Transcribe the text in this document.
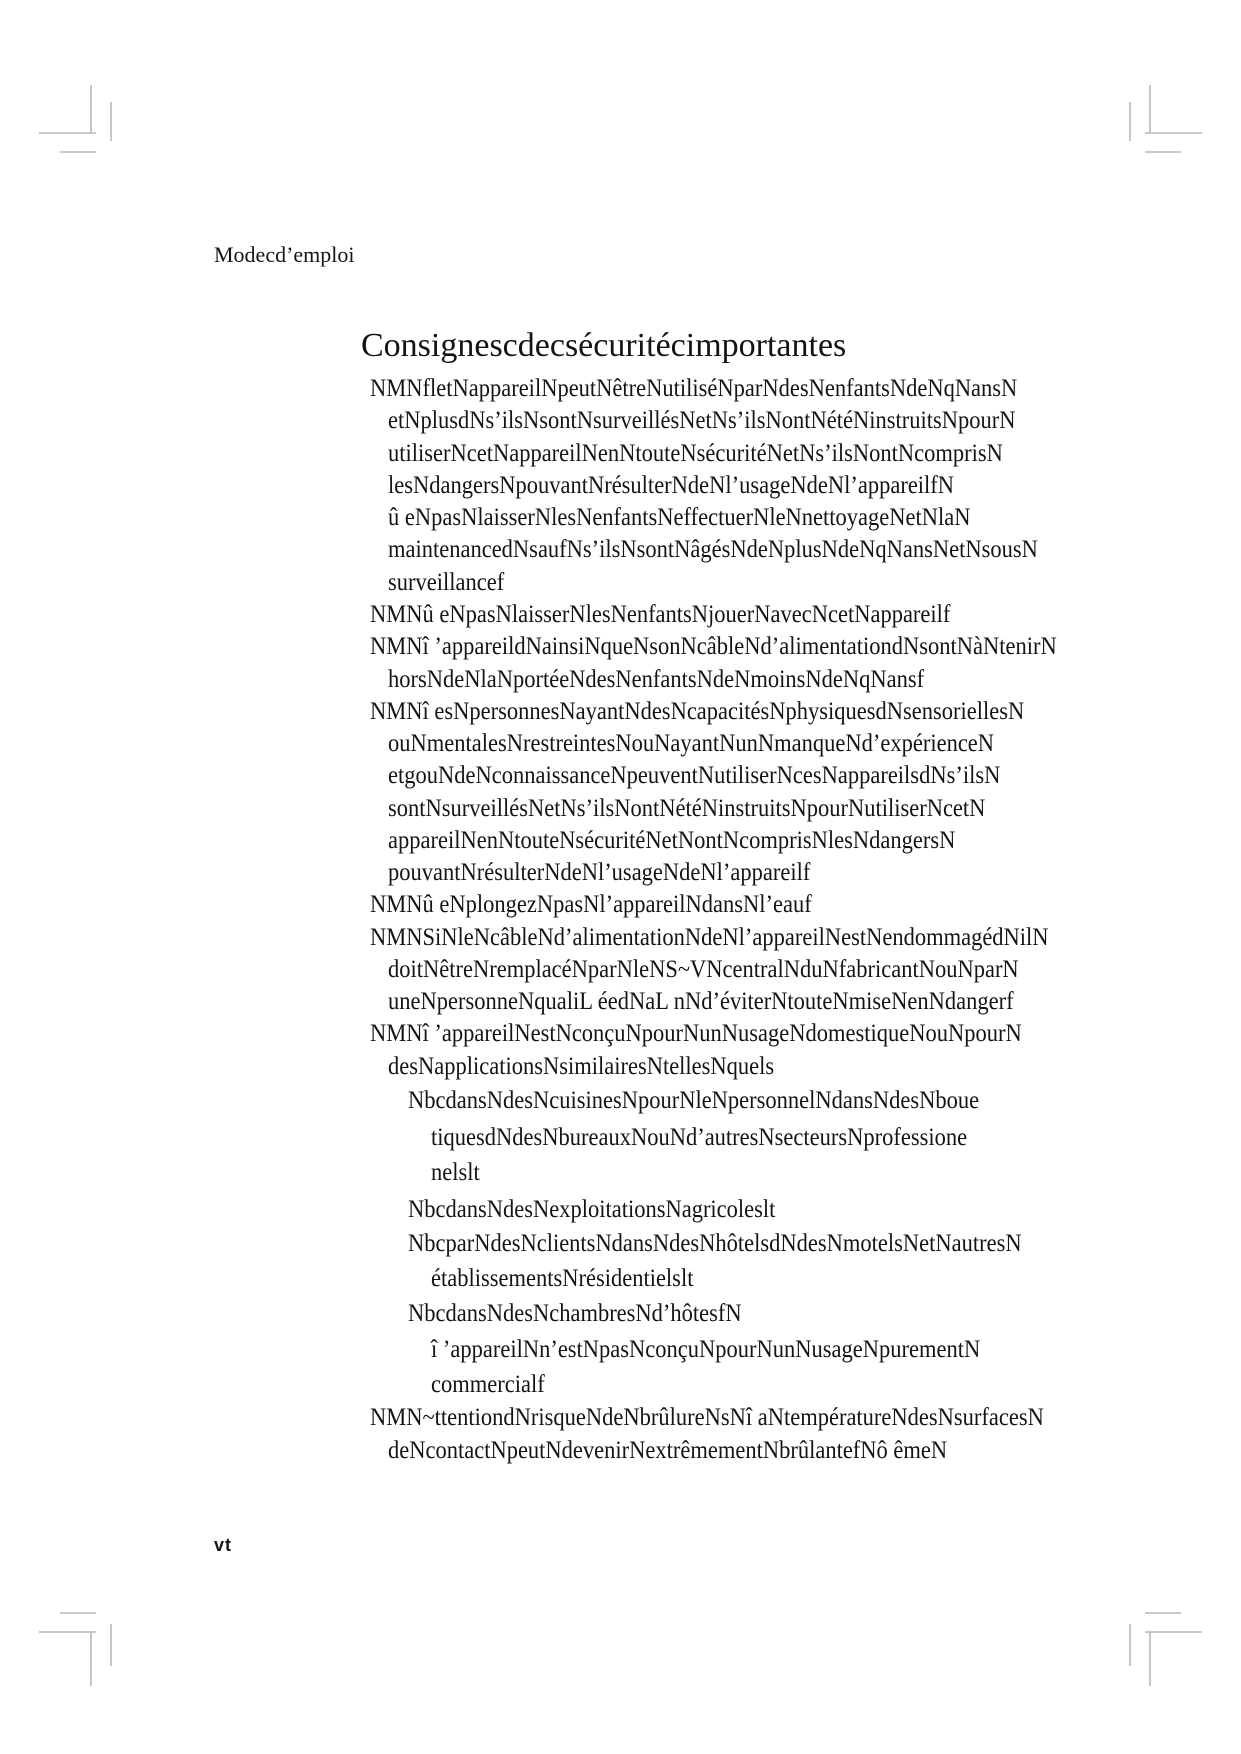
Modecd’emploi
Consignescdecsécuritécimportantes
NMNfletNappareilNpeutNêtreNutiliséNparNdesNenfantsNdeNqNansN
etNplusdNs’ilsNsontNsurveillésNetNs’ilsNontNétéNinstruitsNpourN
utiliserNcetNappareilNenNtouteNsécuritéNetNs’ilsNontNcomprisN
lesNdangersNpouvantNrésulterNdeNl’usageNdeNl’appareilfN
û eNpasNlaisserNlesNenfantsNeffectuerNleNnettoyageNetNlaN
maintenancedNsaufNs’ilsNsontNâgésNdeNplusNdeNqNansNetNsousN
surveillancef
NMNû eNpasNlaisserNlesNenfantsNjouerNavecNcetNappareilf
NMNî ’appareildNainsiNqueNsonNcâbleNd’alimentationdNsontNàNtenirN
horsNdeNlaNportéeNdesNenfantsNdeNmoinsNdeNqNansf
NMNî esNpersonnesNayantNdesNcapacitésNphysiquesdNsensoriellesN
ouNmentalesNrestreintesNouNayantNunNmanqueNd’expérienceN
etgouNdeNconnaissanceNpeuventNutiliserNcesNappareilsdNs’ilsN
sontNsurveillésNetNs’ilsNontNétéNinstruitsNpourNutiliserNcetN
appareilNenNtouteNsécuritéNetNontNcomprisNlesNdangersN
pouvantNrésulterNdeNl’usageNdeNl’appareilf
NMNû eNplongezNpasNl’appareilNdansNl’eauf
NMNSiNleNcâbleNd’alimentationNdeNl’appareilNestNendommagédNilN
doitNêtreNremplacéNparNleNS~VNcentralNduNfabricantNouNparN
uneNpersonneNqualiL éedNaL nNd’éviterNtouteNmiseNenNdangerf
NMNî ’appareilNestNconçuNpourNunNusageNdomestiqueNouNpourN
desNapplicationsNsimilairesNtellesNquels
NbcdansNdesNcuisinesNpourNleNpersonnelNdansNdesNboue
tiquesdNdesNbureauxNouNd’autresNsecteursNprofessione
nelslt
NbcdansNdesNexploitationsNagricoleslt
NbcparNdesNclientsNdansNdesNhôtelsdNdesNmotelsNetNautresN
établissementsNrésidentielslt
NbcdansNdesNchambresNd’hôtesfN
î ’appareilNn’estNpasNconçuNpourNunNusageNpurementN
commercialf
NMN~ttentiondNrisqueNdeNbrûlureNsNî aNtempératureNdesNsurfacesN
deNcontactNpeutNdevenirNextrêmementNbrûlantefNô êmeN
vt
